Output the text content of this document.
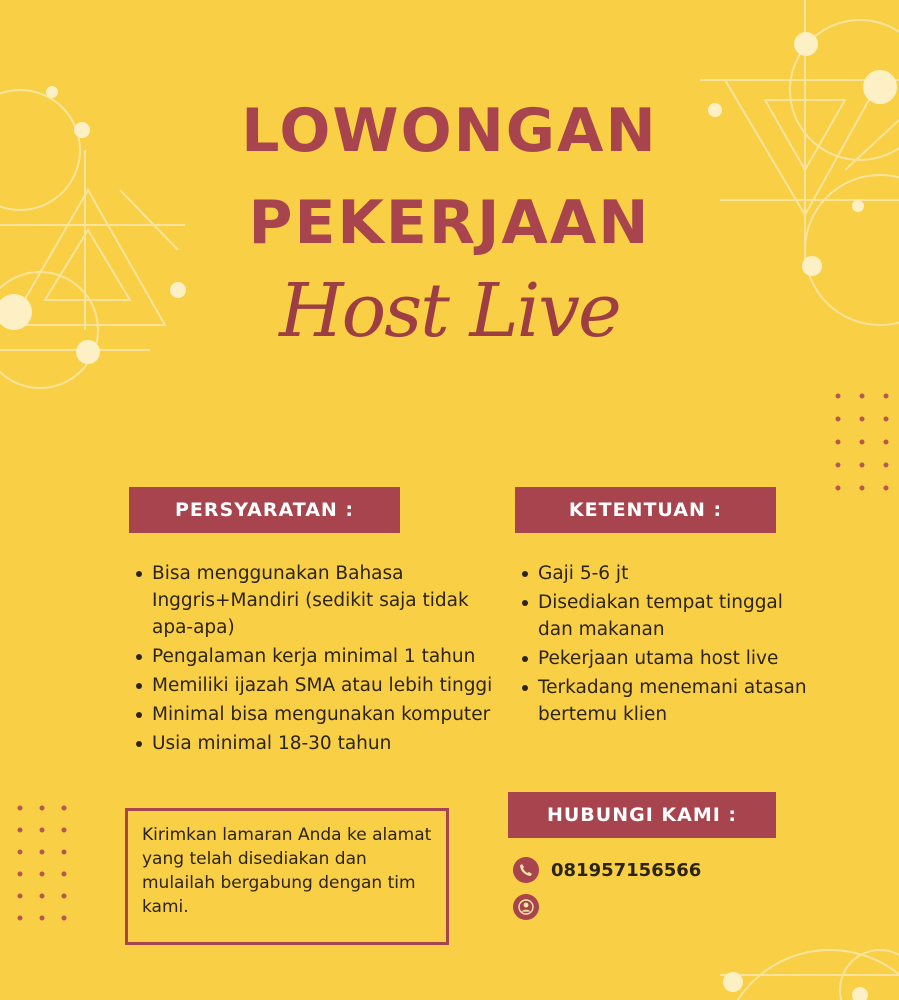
LOWONGAN
PEKERJAAN
Host Live
PERSYARATAN :
Bisa menggunakan Bahasa Inggris+Mandiri (sedikit saja tidak apa-apa)
Pengalaman kerja minimal 1 tahun
Memiliki ijazah SMA atau lebih tinggi
Minimal bisa mengunakan komputer
Usia minimal 18-30 tahun
KETENTUAN :
Gaji 5-6 jt
Disediakan tempat tinggal dan makanan
Pekerjaan utama host live
Terkadang menemani atasan bertemu klien
Kirimkan lamaran Anda ke alamat yang telah disediakan dan mulailah bergabung dengan tim kami.
HUBUNGI KAMI :
081957156566
